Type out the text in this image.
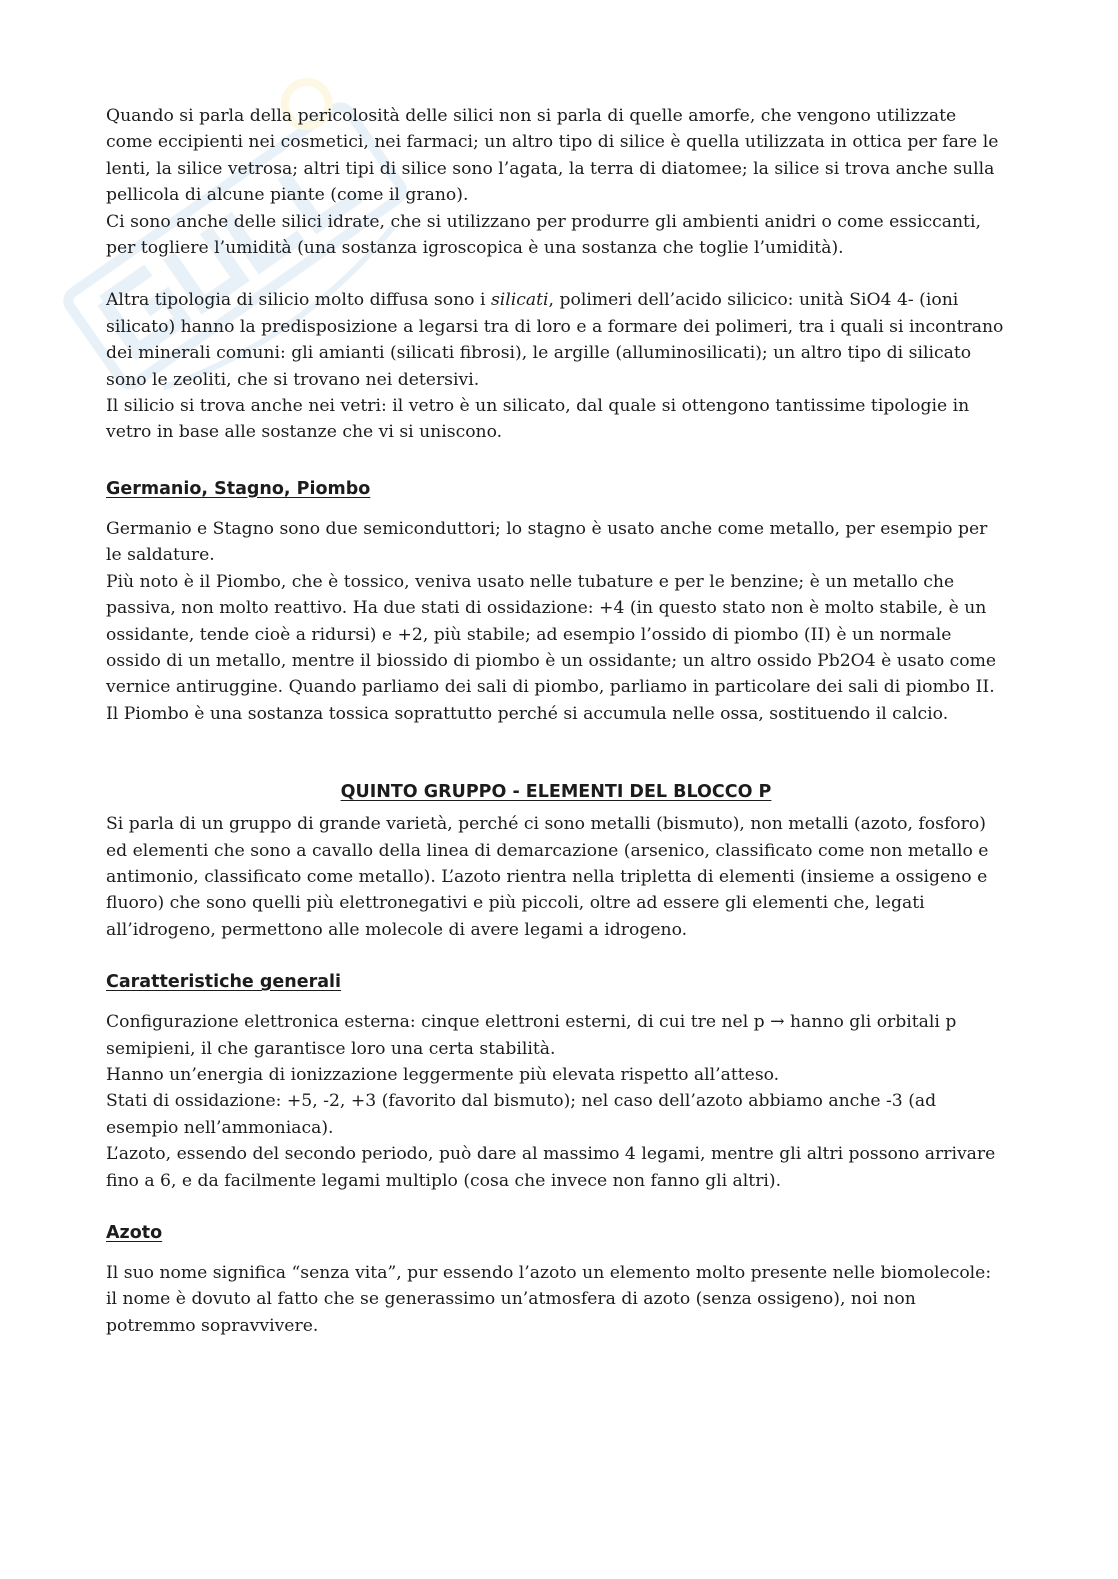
Quando si parla della pericolosità delle silici non si parla di quelle amorfe, che vengono utilizzate come eccipienti nei cosmetici, nei farmaci; un altro tipo di silice è quella utilizzata in ottica per fare le lenti, la silice vetrosa; altri tipi di silice sono l’agata, la terra di diatomee; la silice si trova anche sulla pellicola di alcune piante (come il grano).

Ci sono anche delle silici idrate, che si utilizzano per produrre gli ambienti anidri o come essiccanti, per togliere l’umidità (una sostanza igroscopica è una sostanza che toglie l’umidità).

Altra tipologia di silicio molto diffusa sono i silicati, polimeri dell’acido silicico: unità SiO4 4- (ioni silicato) hanno la predisposizione a legarsi tra di loro e a formare dei polimeri, tra i quali si incontrano dei minerali comuni: gli amianti (silicati fibrosi), le argille (alluminosilicati); un altro tipo di silicato sono le zeoliti, che si trovano nei detersivi.

Il silicio si trova anche nei vetri: il vetro è un silicato, dal quale si ottengono tantissime tipologie in vetro in base alle sostanze che vi si uniscono.

Germanio, Stagno, Piombo

Germanio e Stagno sono due semiconduttori; lo stagno è usato anche come metallo, per esempio per le saldature.

Più noto è il Piombo, che è tossico, veniva usato nelle tubature e per le benzine; è un metallo che passiva, non molto reattivo. Ha due stati di ossidazione: +4 (in questo stato non è molto stabile, è un ossidante, tende cioè a ridursi) e +2, più stabile; ad esempio l’ossido di piombo (II) è un normale

ossido di un metallo, mentre il biossido di piombo è un ossidante; un altro ossido Pb2O4 è usato come vernice antiruggine. Quando parliamo dei sali di piombo, parliamo in particolare dei sali di piombo II.

Il Piombo è una sostanza tossica soprattutto perché si accumula nelle ossa, sostituendo il calcio.

QUINTO GRUPPO - ELEMENTI DEL BLOCCO P

Si parla di un gruppo di grande varietà, perché ci sono metalli (bismuto), non metalli (azoto, fosforo) ed elementi che sono a cavallo della linea di demarcazione (arsenico, classificato come non metallo e antimonio, classificato come metallo). L’azoto rientra nella tripletta di elementi (insieme a ossigeno e fluoro) che sono quelli più elettronegativi e più piccoli, oltre ad essere gli elementi che, legati all’idrogeno, permettono alle molecole di avere legami a idrogeno.

Caratteristiche generali

Configurazione elettronica esterna: cinque elettroni esterni, di cui tre nel p → hanno gli orbitali p semipieni, il che garantisce loro una certa stabilità.

Hanno un’energia di ionizzazione leggermente più elevata rispetto all’atteso.

Stati di ossidazione: +5, -2, +3 (favorito dal bismuto); nel caso dell’azoto abbiamo anche -3 (ad esempio nell’ammoniaca).

L’azoto, essendo del secondo periodo, può dare al massimo 4 legami, mentre gli altri possono arrivare fino a 6, e da facilmente legami multiplo (cosa che invece non fanno gli altri).

Azoto

Il suo nome significa “senza vita”, pur essendo l’azoto un elemento molto presente nelle biomolecole: il nome è dovuto al fatto che se generassimo un’atmosfera di azoto (senza ossigeno), noi non potremmo sopravvivere.
